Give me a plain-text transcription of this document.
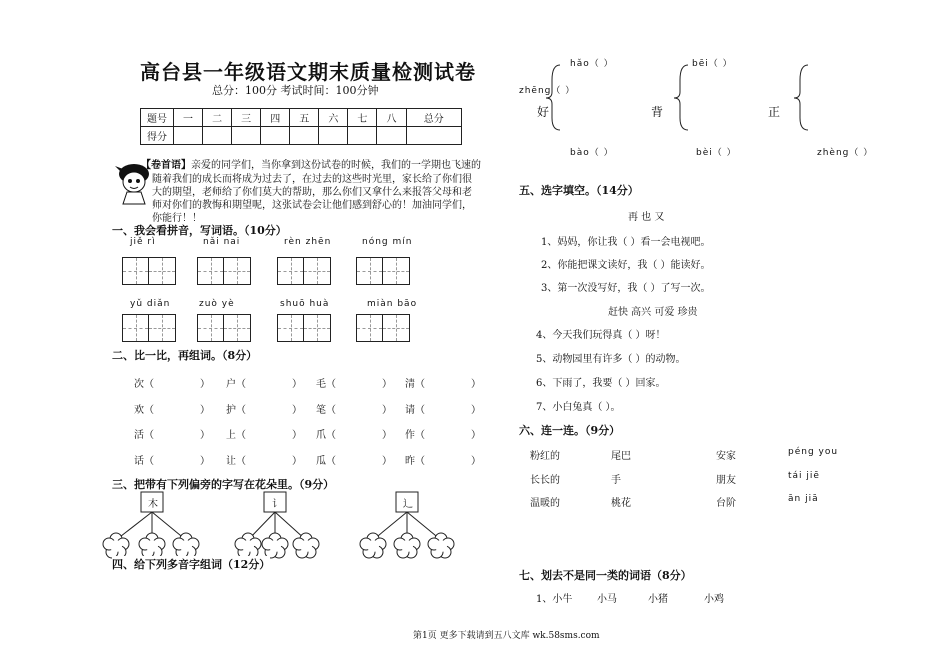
高台县一年级语文期末质量检测试卷
总分：100分 考试时间：100分钟
题号	一	二	三	四	五	六	七	八	总分
得分									
【卷首语】亲爱的同学们，当你拿到这份试卷的时候，我们的一学期也飞速的
随着我们的成长而将成为过去了，在过去的这些时光里，家长给了你们很
大的期望，老师给了你们莫大的帮助，那么你们又拿什么来报答父母和老
师对你们的教悔和期望呢，这张试卷会让他们感到舒心的！加油同学们，
你能行！！
一、我会看拼音，写词语。（10分）
jiě rì	nǎi nai	rèn zhēn	nóng mín
yǔ diǎn	zuò yè	shuō huà	miàn bāo
二、比一比，再组词。（8分）
次（	） 户（	） 毛（	） 清（	）
欢（	） 护（	） 笔（	） 请（	）
活（	） 上（	） 爪（	） 作（	）
话（	） 让（	） 瓜（	） 昨（	）
三、把带有下列偏旁的字写在花朵里。（9分）
木	讠	辶
四、给下列多音字组词（12分）
hǎo（ ）	bēi（ ）
zhēng（ ）
好	背	正
bào（ ）	bèi（ ）	zhèng（ ）
五、选字填空。（14分）
再 也 又
1、妈妈，你让我（ ）看一会电视吧。
2、你能把课文读好，我（ ）能读好。
3、第一次没写好，我（ ）了写一次。
赶快 高兴 可爱 珍贵
4、今天我们玩得真（ ）呀！
5、动物园里有许多（ ）的动物。
6、下雨了，我要（ ）回家。
7、小白兔真（ ）。
六、连一连。（9分）
粉红的	尾巴	安家	péng you
长长的	手	朋友	tái jiē
温暖的	桃花	台阶	ān jiā
七、划去不是同一类的词语（8分）
1、小牛 小马	小猪	小鸡
第1页 更多下载请到五八文库 wk.58sms.com
